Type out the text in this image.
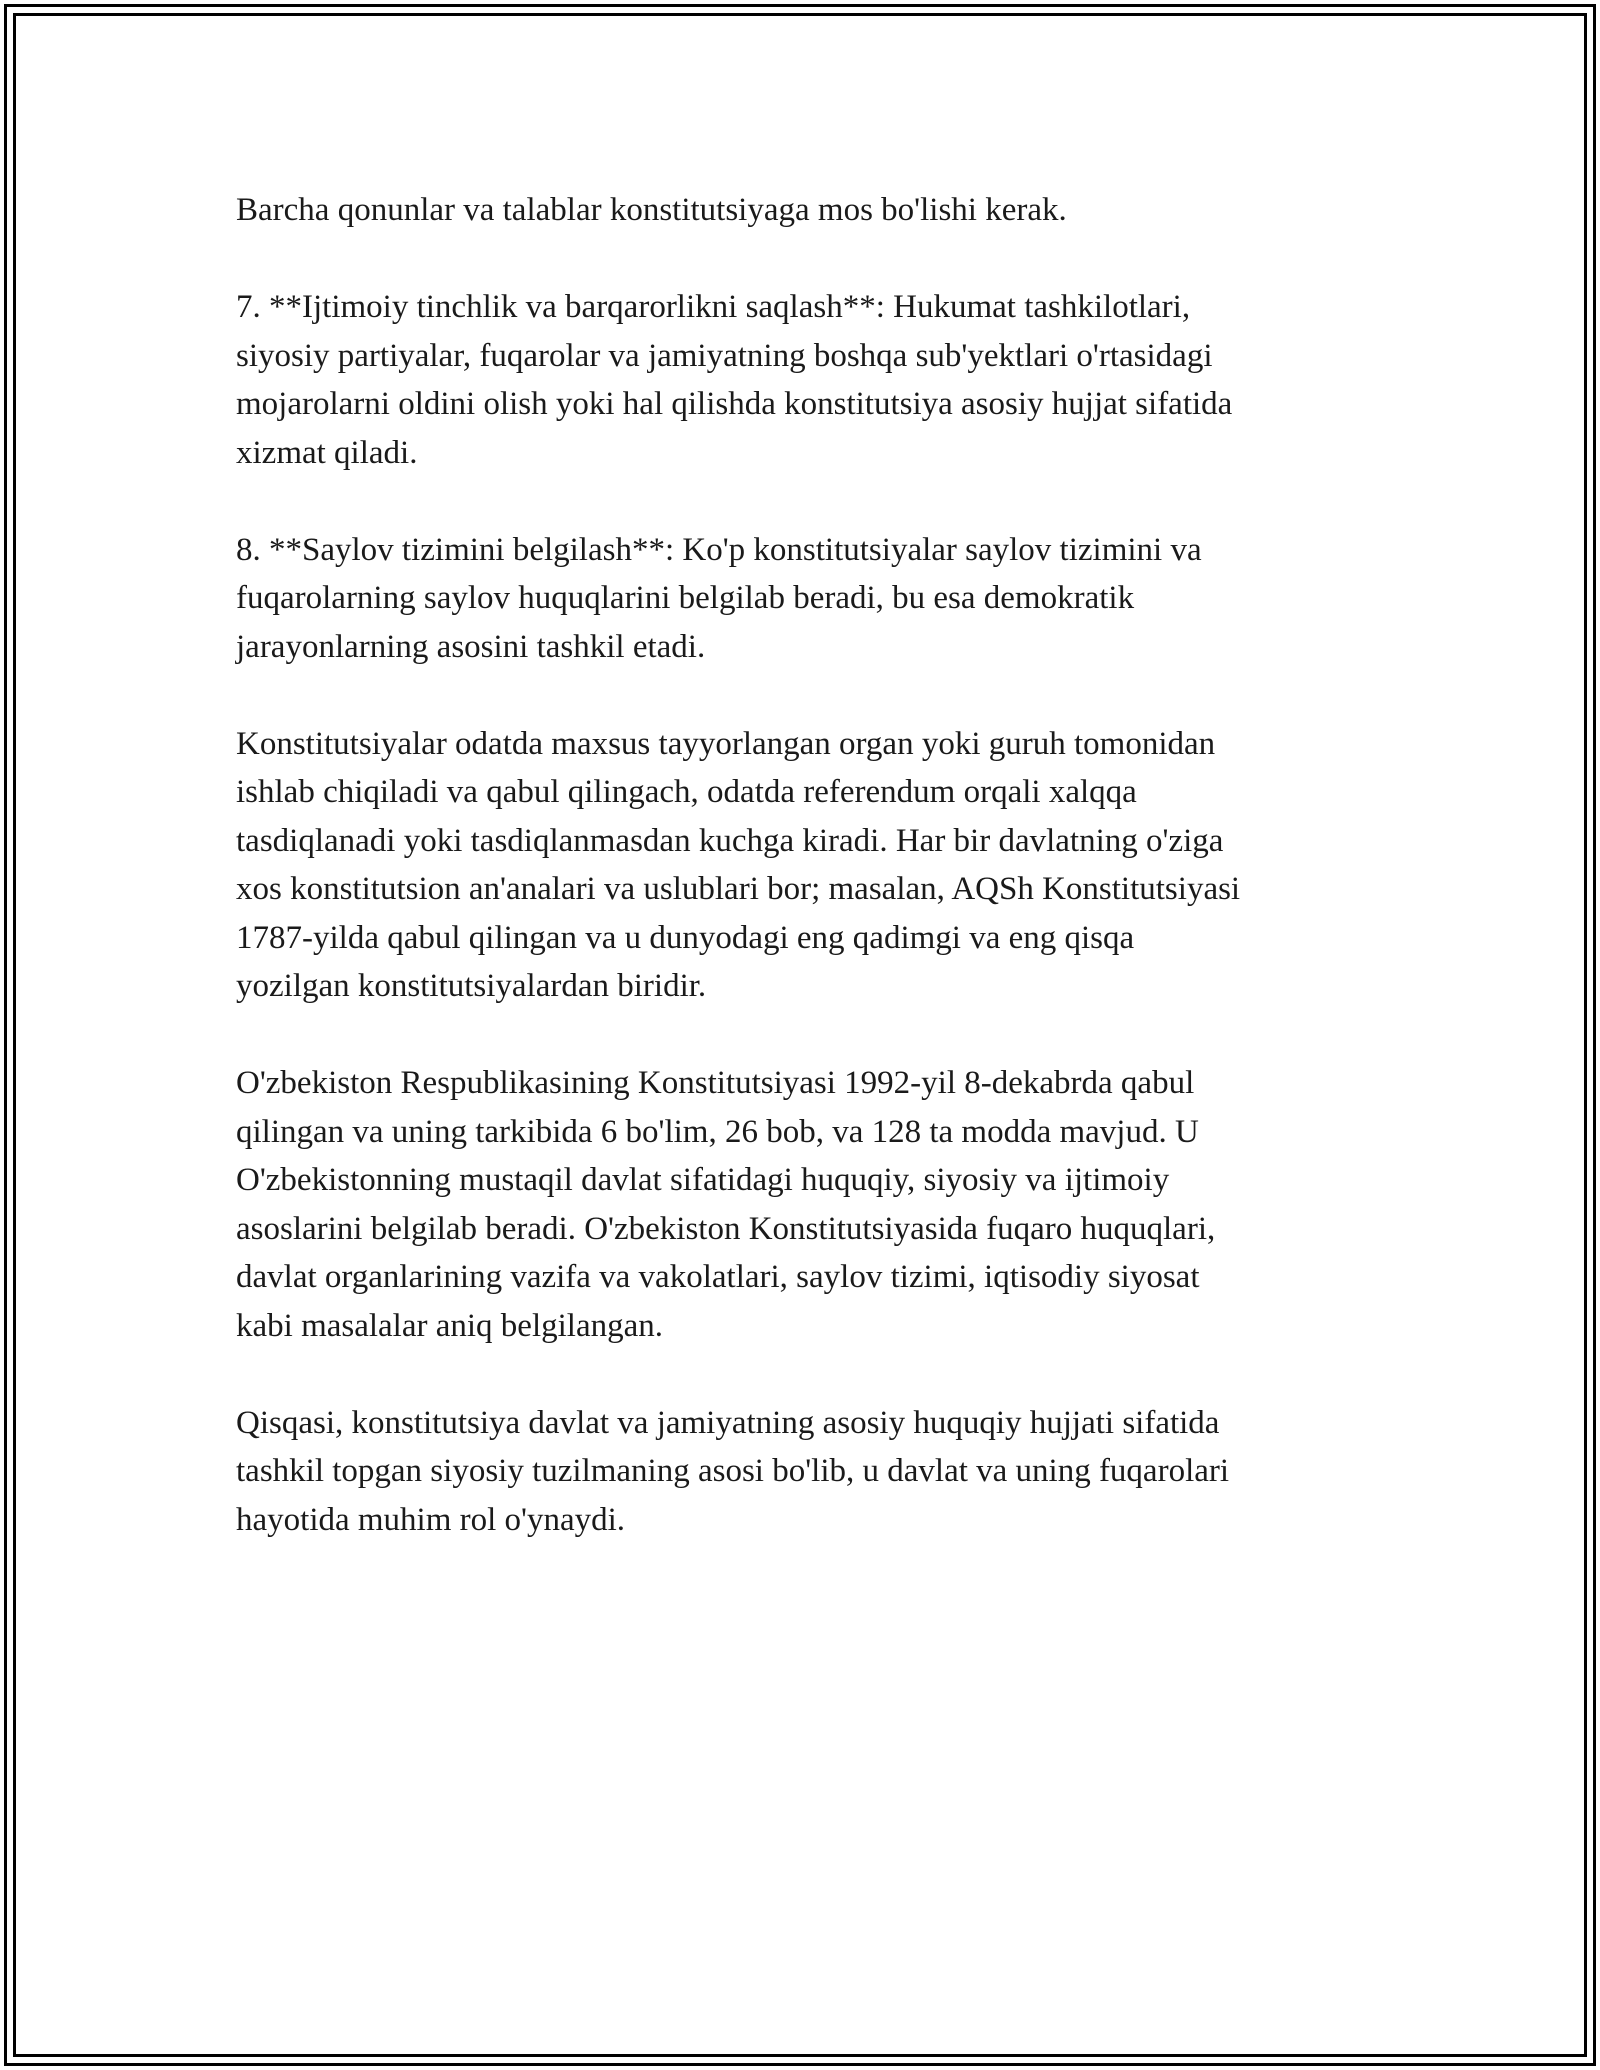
Barcha qonunlar va talablar konstitutsiyaga mos bo'lishi kerak.

7. **Ijtimoiy tinchlik va barqarorlikni saqlash**: Hukumat tashkilotlari,
siyosiy partiyalar, fuqarolar va jamiyatning boshqa sub'yektlari o'rtasidagi
mojarolarni oldini olish yoki hal qilishda konstitutsiya asosiy hujjat sifatida
xizmat qiladi.

8. **Saylov tizimini belgilash**: Ko'p konstitutsiyalar saylov tizimini va
fuqarolarning saylov huquqlarini belgilab beradi, bu esa demokratik
jarayonlarning asosini tashkil etadi.

Konstitutsiyalar odatda maxsus tayyorlangan organ yoki guruh tomonidan
ishlab chiqiladi va qabul qilingach, odatda referendum orqali xalqqa
tasdiqlanadi yoki tasdiqlanmasdan kuchga kiradi. Har bir davlatning o'ziga
xos konstitutsion an'analari va uslublari bor; masalan, AQSh Konstitutsiyasi
1787-yilda qabul qilingan va u dunyodagi eng qadimgi va eng qisqa
yozilgan konstitutsiyalardan biridir.

O'zbekiston Respublikasining Konstitutsiyasi 1992-yil 8-dekabrda qabul
qilingan va uning tarkibida 6 bo'lim, 26 bob, va 128 ta modda mavjud. U
O'zbekistonning mustaqil davlat sifatidagi huquqiy, siyosiy va ijtimoiy
asoslarini belgilab beradi. O'zbekiston Konstitutsiyasida fuqaro huquqlari,
davlat organlarining vazifa va vakolatlari, saylov tizimi, iqtisodiy siyosat
kabi masalalar aniq belgilangan.

Qisqasi, konstitutsiya davlat va jamiyatning asosiy huquqiy hujjati sifatida
tashkil topgan siyosiy tuzilmaning asosi bo'lib, u davlat va uning fuqarolari
hayotida muhim rol o'ynaydi.
